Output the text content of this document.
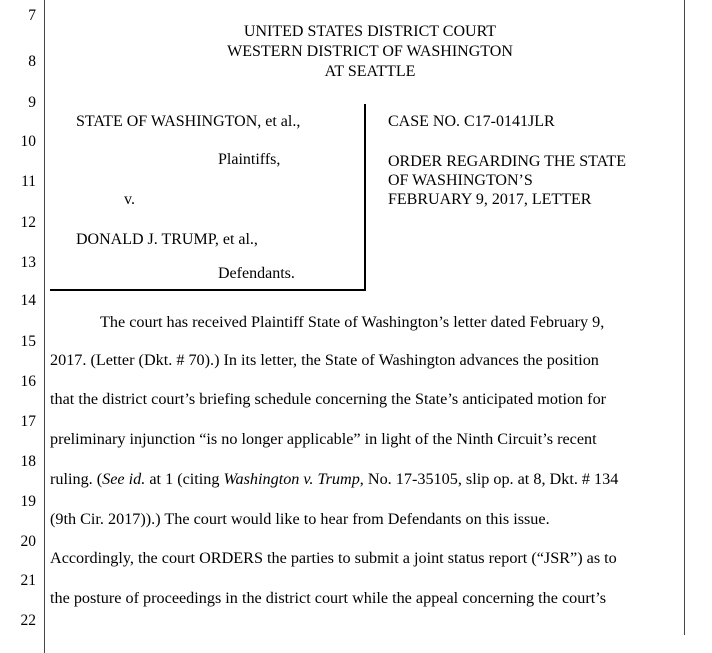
7
8
9
10
11
12
13
14
15
16
17
18
19
20
21
22
UNITED STATES DISTRICT COURT
WESTERN DISTRICT OF WASHINGTON
AT SEATTLE
STATE OF WASHINGTON, et al.,
Plaintiffs,
v.
DONALD J. TRUMP, et al.,
Defendants.
CASE NO. C17-0141JLR
ORDER REGARDING THE STATE
OF WASHINGTON’S
FEBRUARY 9, 2017, LETTER
The court has received Plaintiff State of Washington’s letter dated February 9,
2017. (Letter (Dkt. # 70).) In its letter, the State of Washington advances the position
that the district court’s briefing schedule concerning the State’s anticipated motion for
preliminary injunction “is no longer applicable” in light of the Ninth Circuit’s recent
ruling. (See id. at 1 (citing Washington v. Trump, No. 17-35105, slip op. at 8, Dkt. # 134
(9th Cir. 2017)).) The court would like to hear from Defendants on this issue.
Accordingly, the court ORDERS the parties to submit a joint status report (“JSR”) as to
the posture of proceedings in the district court while the appeal concerning the court’s
